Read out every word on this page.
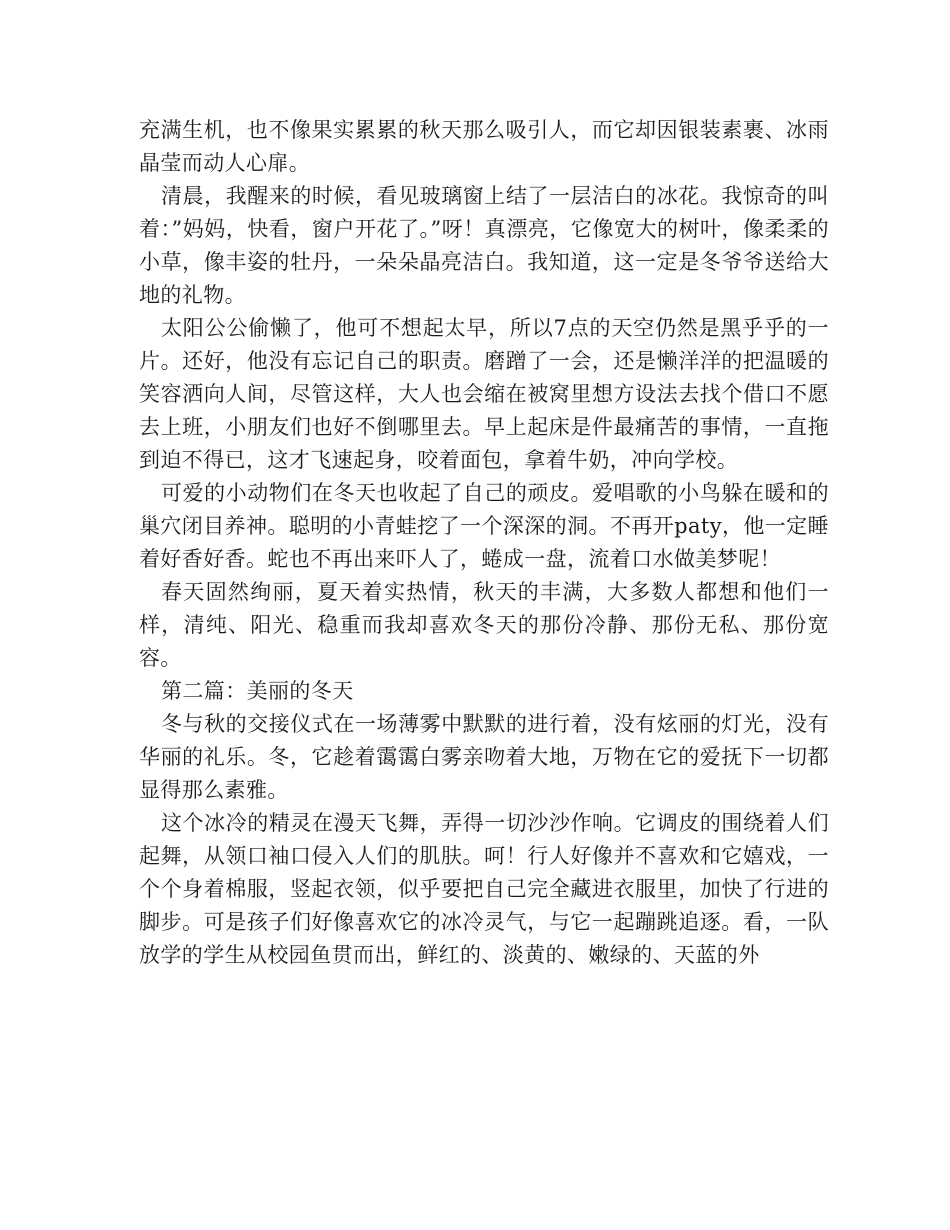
充满生机，也不像果实累累的秋天那么吸引人，而它却因银装素裹、冰雨晶莹而动人心扉。

清晨，我醒来的时候，看见玻璃窗上结了一层洁白的冰花。我惊奇的叫着：”妈妈，快看，窗户开花了。”呀！真漂亮，它像宽大的树叶，像柔柔的小草，像丰姿的牡丹，一朵朵晶亮洁白。我知道，这一定是冬爷爷送给大地的礼物。

太阳公公偷懒了，他可不想起太早，所以7点的天空仍然是黑乎乎的一片。还好，他没有忘记自己的职责。磨蹭了一会，还是懒洋洋的把温暖的笑容洒向人间，尽管这样，大人也会缩在被窝里想方设法去找个借口不愿去上班，小朋友们也好不倒哪里去。早上起床是件最痛苦的事情，一直拖到迫不得已，这才飞速起身，咬着面包，拿着牛奶，冲向学校。

可爱的小动物们在冬天也收起了自己的顽皮。爱唱歌的小鸟躲在暖和的巢穴闭目养神。聪明的小青蛙挖了一个深深的洞。不再开paty，他一定睡着好香好香。蛇也不再出来吓人了，蜷成一盘，流着口水做美梦呢！

春天固然绚丽，夏天着实热情，秋天的丰满，大多数人都想和他们一样，清纯、阳光、稳重而我却喜欢冬天的那份冷静、那份无私、那份宽容。

第二篇：美丽的冬天

冬与秋的交接仪式在一场薄雾中默默的进行着，没有炫丽的灯光，没有华丽的礼乐。冬，它趁着霭霭白雾亲吻着大地，万物在它的爱抚下一切都显得那么素雅。

这个冰冷的精灵在漫天飞舞，弄得一切沙沙作响。它调皮的围绕着人们起舞，从领口袖口侵入人们的肌肤。呵！行人好像并不喜欢和它嬉戏，一个个身着棉服，竖起衣领，似乎要把自己完全藏进衣服里，加快了行进的脚步。可是孩子们好像喜欢它的冰冷灵气，与它一起蹦跳追逐。看，一队放学的学生从校园鱼贯而出，鲜红的、淡黄的、嫩绿的、天蓝的外
